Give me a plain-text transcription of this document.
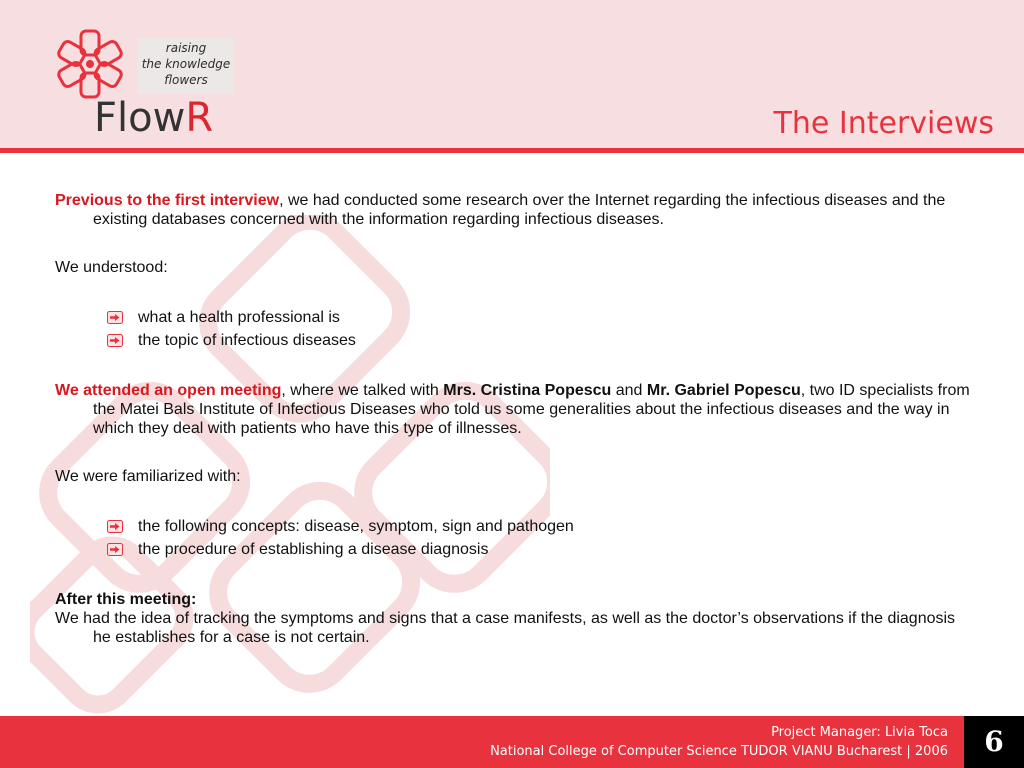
raising
the knowledge
flowers
FlowR	The Interviews

Previous to the first interview, we had conducted some research over the Internet regarding the infectious diseases and the existing databases concerned with the information regarding infectious diseases.

We understood:

what a health professional is
the topic of infectious diseases

We attended an open meeting, where we talked with Mrs. Cristina Popescu and Mr. Gabriel Popescu, two ID specialists from the Matei Bals Institute of Infectious Diseases who told us some generalities about the infectious diseases and the way in which they deal with patients who have this type of illnesses.

We were familiarized with:

the following concepts: disease, symptom, sign and pathogen
the procedure of establishing a disease diagnosis

After this meeting:

We had the idea of tracking the symptoms and signs that a case manifests, as well as the doctor’s observations if the diagnosis he establishes for a case is not certain.

Project Manager: Livia Toca
National College of Computer Science TUDOR VIANU Bucharest | 2006	6
